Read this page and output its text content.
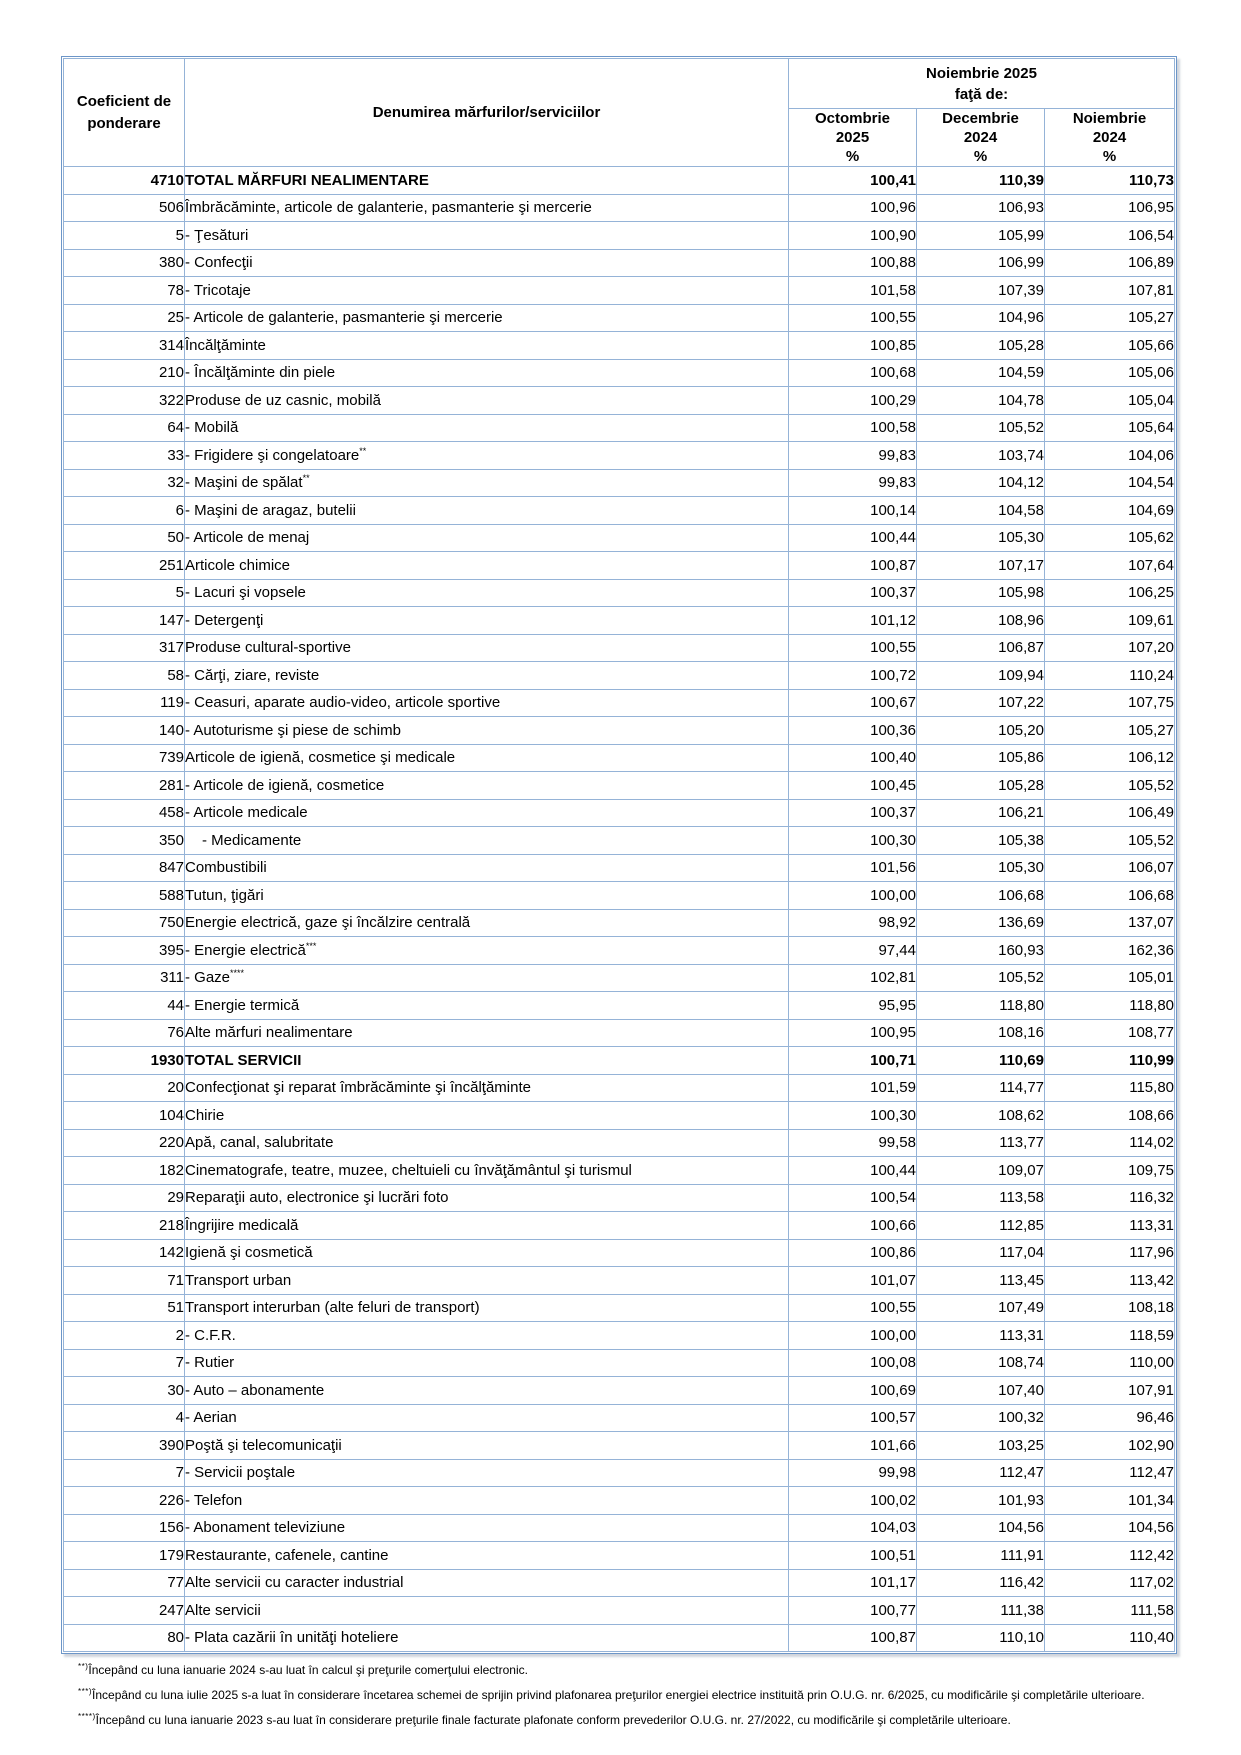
Coeficient de ponderare	Denumirea mărfurilor/serviciilor	Noiembrie 2025
faţă de:		

		Octombrie
2025
%	Decembrie
2024
%	Noiembrie
2024
%

4710	TOTAL MĂRFURI NEALIMENTARE	100,41	110,39	110,73
506	Îmbrăcăminte, articole de galanterie, pasmanterie şi mercerie	100,96	106,93	106,95
5	- Ţesături	100,90	105,99	106,54
380	- Confecţii	100,88	106,99	106,89
78	- Tricotaje	101,58	107,39	107,81
25	- Articole de galanterie, pasmanterie şi mercerie	100,55	104,96	105,27
314	Încălţăminte	100,85	105,28	105,66
210	- Încălţăminte din piele	100,68	104,59	105,06
322	Produse de uz casnic, mobilă	100,29	104,78	105,04
64	- Mobilă	100,58	105,52	105,64
33	- Frigidere şi congelatoare**	99,83	103,74	104,06
32	- Maşini de spălat**	99,83	104,12	104,54
6	- Maşini de aragaz, butelii	100,14	104,58	104,69
50	- Articole de menaj	100,44	105,30	105,62
251	Articole chimice	100,87	107,17	107,64
5	- Lacuri şi vopsele	100,37	105,98	106,25
147	- Detergenţi	101,12	108,96	109,61
317	Produse cultural-sportive	100,55	106,87	107,20
58	- Cărţi, ziare, reviste	100,72	109,94	110,24
119	- Ceasuri, aparate audio-video, articole sportive	100,67	107,22	107,75
140	- Autoturisme şi piese de schimb	100,36	105,20	105,27
739	Articole de igienă, cosmetice şi medicale	100,40	105,86	106,12
281	- Articole de igienă, cosmetice	100,45	105,28	105,52
458	- Articole medicale	100,37	106,21	106,49
350	- Medicamente	100,30	105,38	105,52
847	Combustibili	101,56	105,30	106,07
588	Tutun, ţigări	100,00	106,68	106,68
750	Energie electrică, gaze şi încălzire centrală	98,92	136,69	137,07
395	- Energie electrică***	97,44	160,93	162,36
311	- Gaze****	102,81	105,52	105,01
44	- Energie termică	95,95	118,80	118,80
76	Alte mărfuri nealimentare	100,95	108,16	108,77
1930	TOTAL SERVICII	100,71	110,69	110,99
20	Confecţionat şi reparat îmbrăcăminte şi încălţăminte	101,59	114,77	115,80
104	Chirie	100,30	108,62	108,66
220	Apă, canal, salubritate	99,58	113,77	114,02
182	Cinematografe, teatre, muzee, cheltuieli cu învăţământul şi turismul	100,44	109,07	109,75
29	Reparaţii auto, electronice şi lucrări foto	100,54	113,58	116,32
218	Îngrijire medicală	100,66	112,85	113,31
142	Igienă şi cosmetică	100,86	117,04	117,96
71	Transport urban	101,07	113,45	113,42
51	Transport interurban (alte feluri de transport)	100,55	107,49	108,18
2	- C.F.R.	100,00	113,31	118,59
7	- Rutier	100,08	108,74	110,00
30	- Auto – abonamente	100,69	107,40	107,91
4	- Aerian	100,57	100,32	96,46
390	Poştă şi telecomunicaţii	101,66	103,25	102,90
7	- Servicii poştale	99,98	112,47	112,47
226	- Telefon	100,02	101,93	101,34
156	- Abonament televiziune	104,03	104,56	104,56
179	Restaurante, cafenele, cantine	100,51	111,91	112,42
77	Alte servicii cu caracter industrial	101,17	116,42	117,02
247	Alte servicii	100,77	111,38	111,58
80	- Plata cazării în unităţi hoteliere	100,87	110,10	110,40
**)Începând cu luna ianuarie 2024 s-au luat în calcul şi preţurile comerţului electronic.
***)Începând cu luna iulie 2025 s-a luat în considerare încetarea schemei de sprijin privind plafonarea preţurilor energiei electrice instituită prin O.U.G. nr. 6/2025, cu modificările şi completările ulterioare.
****)Începând cu luna ianuarie 2023 s-au luat în considerare preţurile finale facturate plafonate conform prevederilor O.U.G. nr. 27/2022, cu modificările şi completările ulterioare.
